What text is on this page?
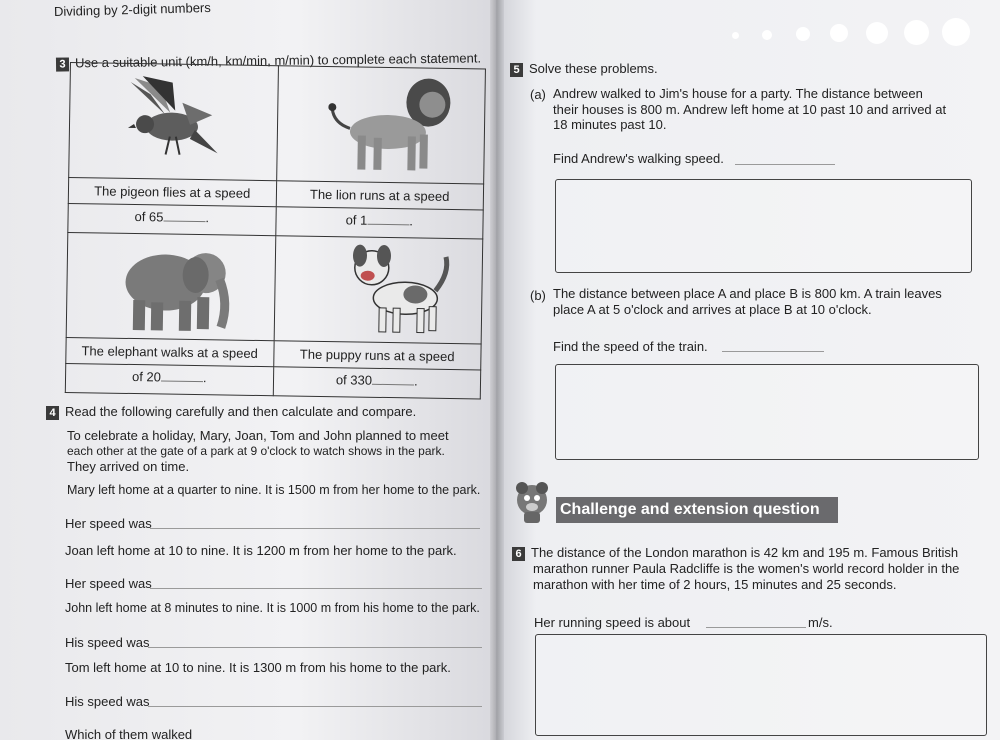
Dividing by 2-digit numbers
3 Use a suitable unit (km/h, km/min, m/min) to complete each statement.

The pigeon flies at a speed	The lion runs at a speed
of 65 .	of 1 .

The elephant walks at a speed	The puppy runs at a speed
of 20 .	of 330 .
4 Read the following carefully and then calculate and compare.
To celebrate a holiday, Mary, Joan, Tom and John planned to meet
each other at the gate of a park at 9 o'clock to watch shows in the park.
They arrived on time.
Mary left home at a quarter to nine. It is 1500 m from her home to the park.
Her speed was
Joan left home at 10 to nine. It is 1200 m from her home to the park.
Her speed was
John left home at 8 minutes to nine. It is 1000 m from his home to the park.
His speed was
Tom left home at 10 to nine. It is 1300 m from his home to the park.
His speed was
Which of them walked
5 Solve these problems.
(a) Andrew walked to Jim's house for a party. The distance between
their houses is 800 m. Andrew left home at 10 past 10 and arrived at
18 minutes past 10.
Find Andrew's walking speed.
(b) The distance between place A and place B is 800 km. A train leaves
place A at 5 o'clock and arrives at place B at 10 o'clock.
Find the speed of the train.
Challenge and extension question
6 The distance of the London marathon is 42 km and 195 m. Famous British
marathon runner Paula Radcliffe is the women's world record holder in the
marathon with her time of 2 hours, 15 minutes and 25 seconds.
Her running speed is about	m/s.
